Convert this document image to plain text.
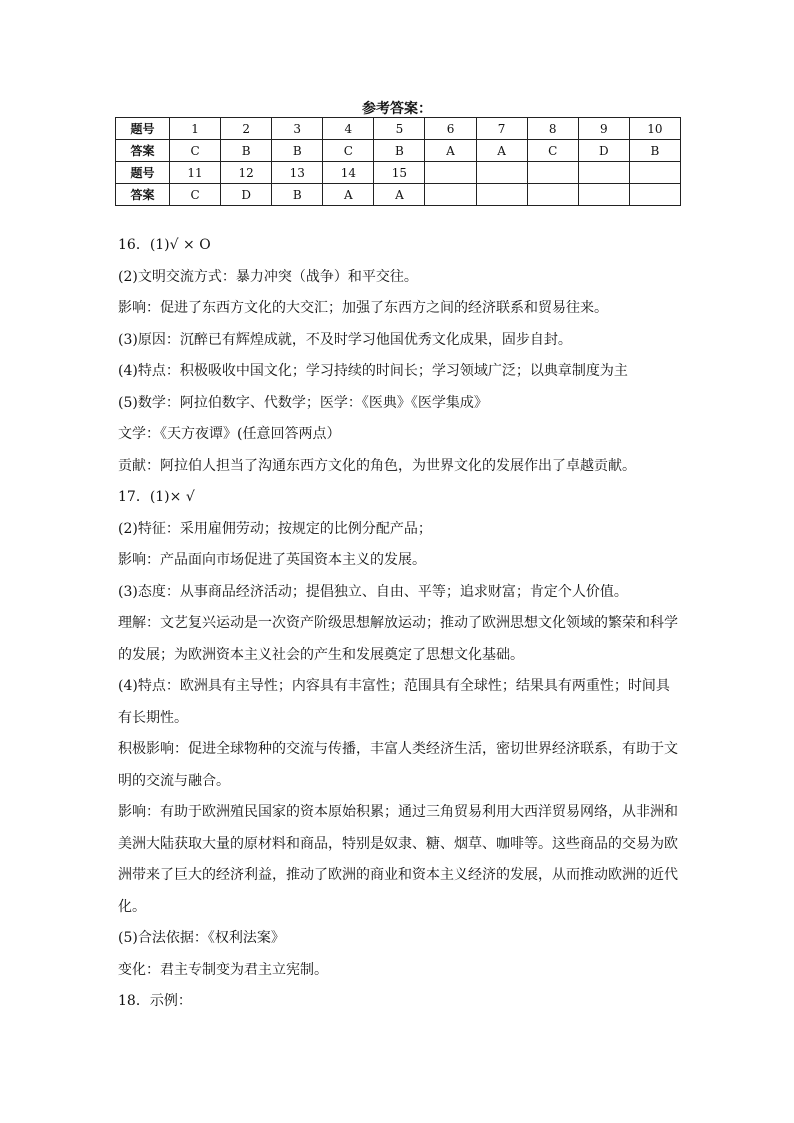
参考答案：
题号	1	2	3	4	5	6	7	8	9	10
答案	C	B	B	C	B	A	A	C	D	B
题号	11	12	13	14	15					
答案	C	D	B	A	A					

16．(1)√ × O

(2)文明交流方式：暴力冲突（战争）和平交往。

影响：促进了东西方文化的大交汇；加强了东西方之间的经济联系和贸易往来。

(3)原因：沉醉已有辉煌成就，不及时学习他国优秀文化成果，固步自封。

(4)特点：积极吸收中国文化；学习持续的时间长；学习领域广泛；以典章制度为主

(5)数学：阿拉伯数字、代数学；医学：《医典》《医学集成》

文学：《天方夜谭》(任意回答两点）

贡献：阿拉伯人担当了沟通东西方文化的角色，为世界文化的发展作出了卓越贡献。

17．(1)× √

(2)特征：采用雇佣劳动；按规定的比例分配产品；

影响：产品面向市场促进了英国资本主义的发展。

(3)态度：从事商品经济活动；提倡独立、自由、平等；追求财富；肯定个人价值。

理解：文艺复兴运动是一次资产阶级思想解放运动；推动了欧洲思想文化领域的繁荣和科学的发展；为欧洲资本主义社会的产生和发展奠定了思想文化基础。

(4)特点：欧洲具有主导性；内容具有丰富性；范围具有全球性；结果具有两重性；时间具有长期性。

积极影响：促进全球物种的交流与传播，丰富人类经济生活，密切世界经济联系，有助于文明的交流与融合。

影响：有助于欧洲殖民国家的资本原始积累；通过三角贸易利用大西洋贸易网络，从非洲和美洲大陆获取大量的原材料和商品，特别是奴隶、糖、烟草、咖啡等。这些商品的交易为欧洲带来了巨大的经济利益，推动了欧洲的商业和资本主义经济的发展，从而推动欧洲的近代化。

(5)合法依据：《权利法案》

变化：君主专制变为君主立宪制。

18．示例：
